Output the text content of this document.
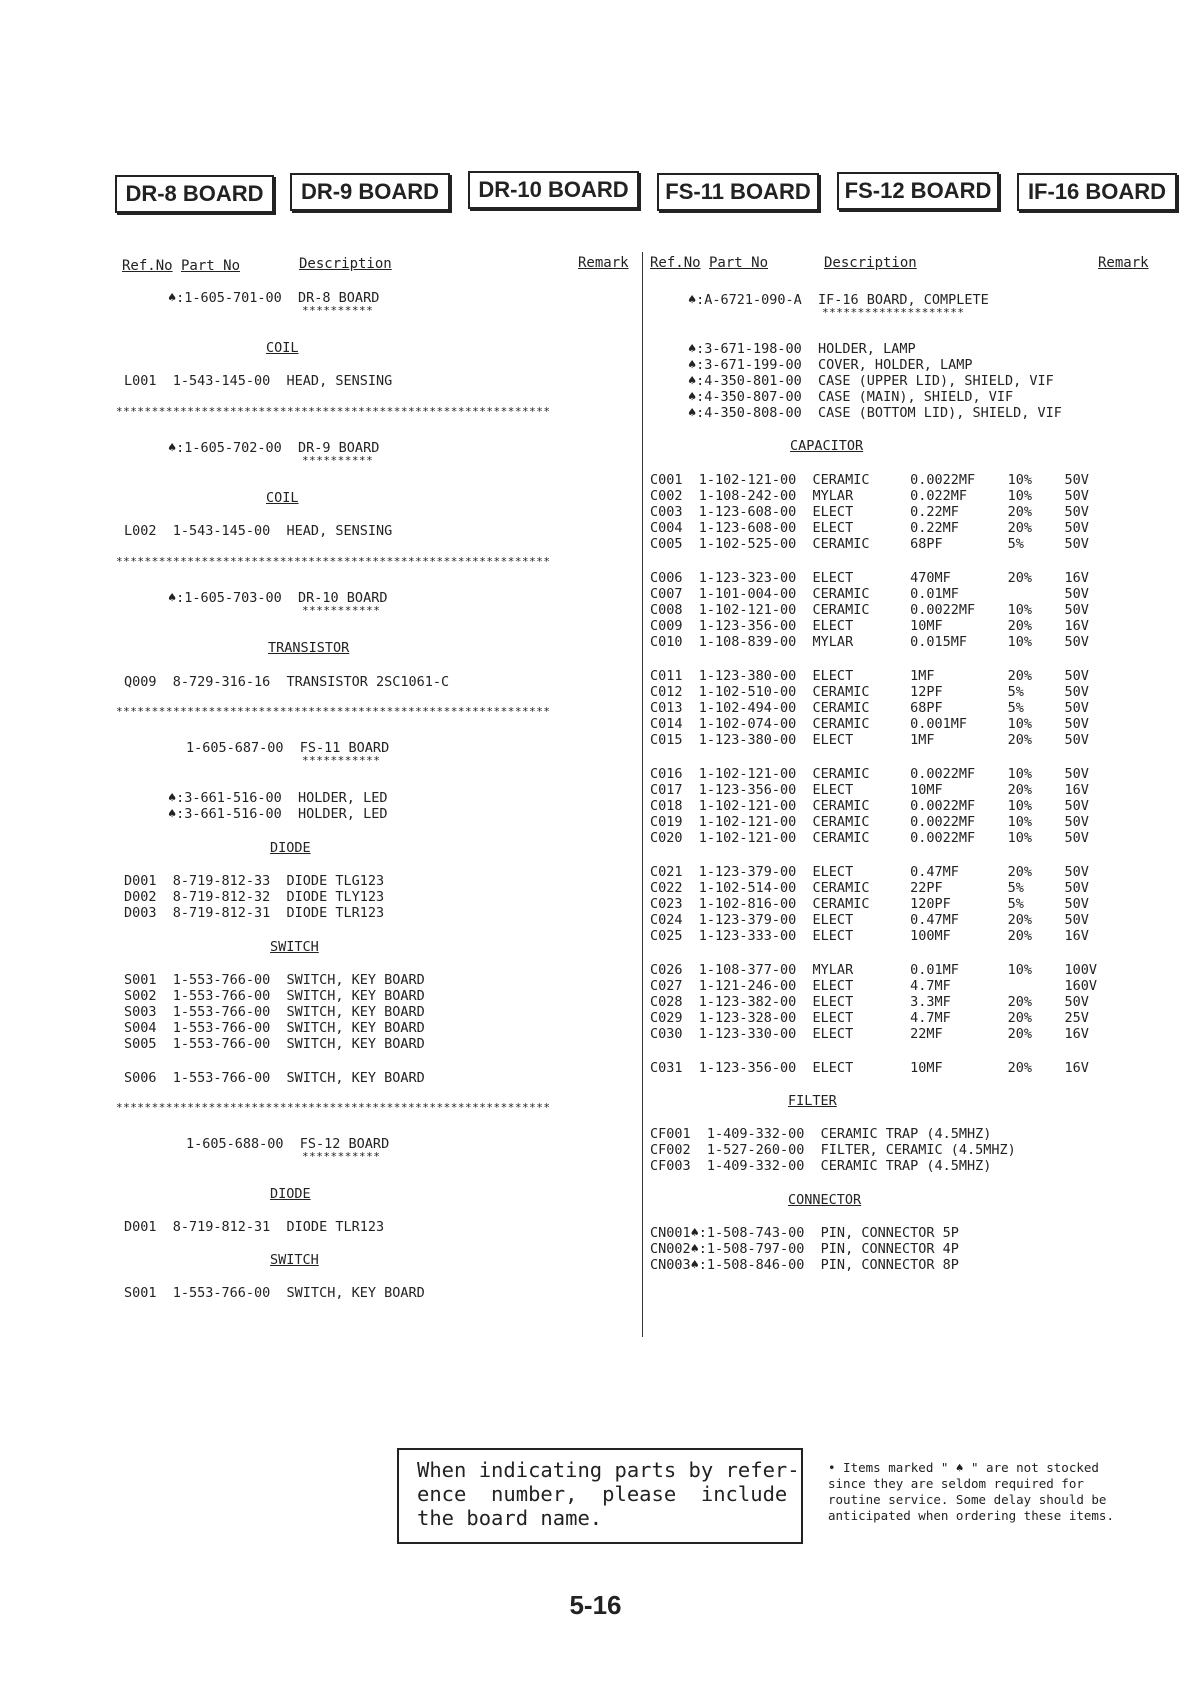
DR-8 BOARD	DR-9 BOARD	DR-10 BOARD	FS-11 BOARD	FS-12 BOARD	IF-16 BOARD
Ref.No Part No	Description	Remark Ref.No Part No	Description	Remark
♠:1-605-701-00  DR-8 BOARD
**********
COIL
L001  1-543-145-00  HEAD, SENSING
*************************************************************
♠:1-605-702-00  DR-9 BOARD
**********
COIL
L002  1-543-145-00  HEAD, SENSING
*************************************************************
♠:1-605-703-00  DR-10 BOARD
***********
TRANSISTOR
Q009  8-729-316-16  TRANSISTOR 2SC1061-C
*************************************************************
1-605-687-00  FS-11 BOARD
***********
♠:3-661-516-00  HOLDER, LED
♠:3-661-516-00  HOLDER, LED
DIODE
D001  8-719-812-33  DIODE TLG123
D002  8-719-812-32  DIODE TLY123
D003  8-719-812-31  DIODE TLR123
SWITCH
S001  1-553-766-00  SWITCH, KEY BOARD
S002  1-553-766-00  SWITCH, KEY BOARD
S003  1-553-766-00  SWITCH, KEY BOARD
S004  1-553-766-00  SWITCH, KEY BOARD
S005  1-553-766-00  SWITCH, KEY BOARD
S006  1-553-766-00  SWITCH, KEY BOARD
*************************************************************
1-605-688-00  FS-12 BOARD
***********
DIODE
D001  8-719-812-31  DIODE TLR123
SWITCH
S001  1-553-766-00  SWITCH, KEY BOARD
♠:A-6721-090-A  IF-16 BOARD, COMPLETE
********************
♠:3-671-198-00  HOLDER, LAMP
♠:3-671-199-00  COVER, HOLDER, LAMP
♠:4-350-801-00  CASE (UPPER LID), SHIELD, VIF
♠:4-350-807-00  CASE (MAIN), SHIELD, VIF
♠:4-350-808-00  CASE (BOTTOM LID), SHIELD, VIF
CAPACITOR
C001  1-102-121-00  CERAMIC     0.0022MF    10%    50V
C002  1-108-242-00  MYLAR       0.022MF     10%    50V
C003  1-123-608-00  ELECT       0.22MF      20%    50V
C004  1-123-608-00  ELECT       0.22MF      20%    50V
C005  1-102-525-00  CERAMIC     68PF        5%     50V
C006  1-123-323-00  ELECT       470MF       20%    16V
C007  1-101-004-00  CERAMIC     0.01MF             50V
C008  1-102-121-00  CERAMIC     0.0022MF    10%    50V
C009  1-123-356-00  ELECT       10MF        20%    16V
C010  1-108-839-00  MYLAR       0.015MF     10%    50V
C011  1-123-380-00  ELECT       1MF         20%    50V
C012  1-102-510-00  CERAMIC     12PF        5%     50V
C013  1-102-494-00  CERAMIC     68PF        5%     50V
C014  1-102-074-00  CERAMIC     0.001MF     10%    50V
C015  1-123-380-00  ELECT       1MF         20%    50V
C016  1-102-121-00  CERAMIC     0.0022MF    10%    50V
C017  1-123-356-00  ELECT       10MF        20%    16V
C018  1-102-121-00  CERAMIC     0.0022MF    10%    50V
C019  1-102-121-00  CERAMIC     0.0022MF    10%    50V
C020  1-102-121-00  CERAMIC     0.0022MF    10%    50V
C021  1-123-379-00  ELECT       0.47MF      20%    50V
C022  1-102-514-00  CERAMIC     22PF        5%     50V
C023  1-102-816-00  CERAMIC     120PF       5%     50V
C024  1-123-379-00  ELECT       0.47MF      20%    50V
C025  1-123-333-00  ELECT       100MF       20%    16V
C026  1-108-377-00  MYLAR       0.01MF      10%    100V
C027  1-121-246-00  ELECT       4.7MF              160V
C028  1-123-382-00  ELECT       3.3MF       20%    50V
C029  1-123-328-00  ELECT       4.7MF       20%    25V
C030  1-123-330-00  ELECT       22MF        20%    16V
C031  1-123-356-00  ELECT       10MF        20%    16V
FILTER
CF001  1-409-332-00  CERAMIC TRAP (4.5MHZ)
CF002  1-527-260-00  FILTER, CERAMIC (4.5MHZ)
CF003  1-409-332-00  CERAMIC TRAP (4.5MHZ)
CONNECTOR
CN001♠:1-508-743-00  PIN, CONNECTOR 5P
CN002♠:1-508-797-00  PIN, CONNECTOR 4P
CN003♠:1-508-846-00  PIN, CONNECTOR 8P
When indicating parts by refer-
ence  number,  please  include
the board name.
• Items marked " ♠ " are not stocked since they are seldom required for routine service. Some delay should be anticipated when ordering these items.
5-16
